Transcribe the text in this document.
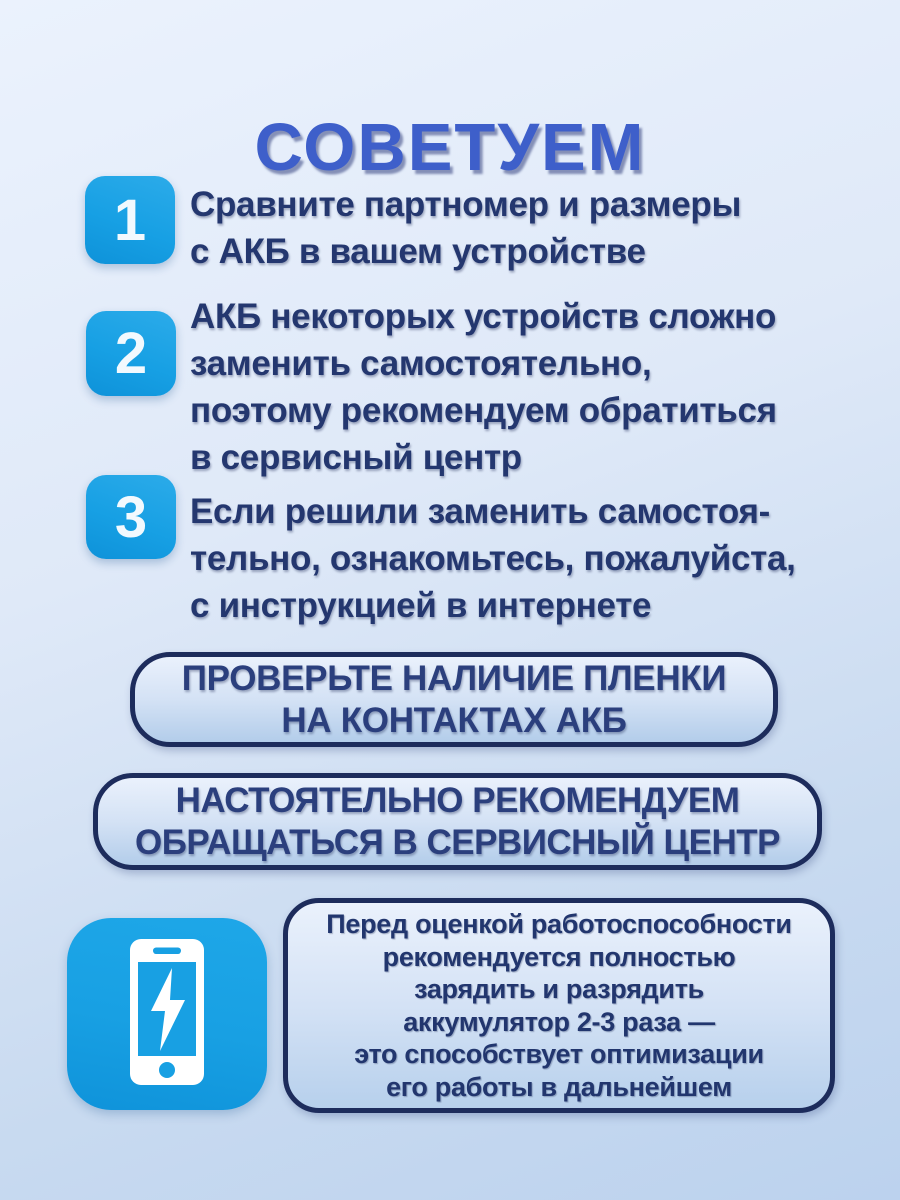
СОВЕТУЕМ
1 Сравните партномер и размеры
с АКБ в вашем устройстве
2
АКБ некоторых устройств сложно
заменить самостоятельно,
поэтому рекомендуем обратиться
в сервисный центр
3 Если решили заменить самостоя-
тельно, ознакомьтесь, пожалуйста,
с инструкцией в интернете
ПРОВЕРЬТЕ НАЛИЧИЕ ПЛЕНКИ
НА КОНТАКТАХ АКБ
НАСТОЯТЕЛЬНО РЕКОМЕНДУЕМ
ОБРАЩАТЬСЯ В СЕРВИСНЫЙ ЦЕНТР
Перед оценкой работоспособности
рекомендуется полностью
зарядить и разрядить
аккумулятор 2-3 раза —
это способствует оптимизации
его работы в дальнейшем
